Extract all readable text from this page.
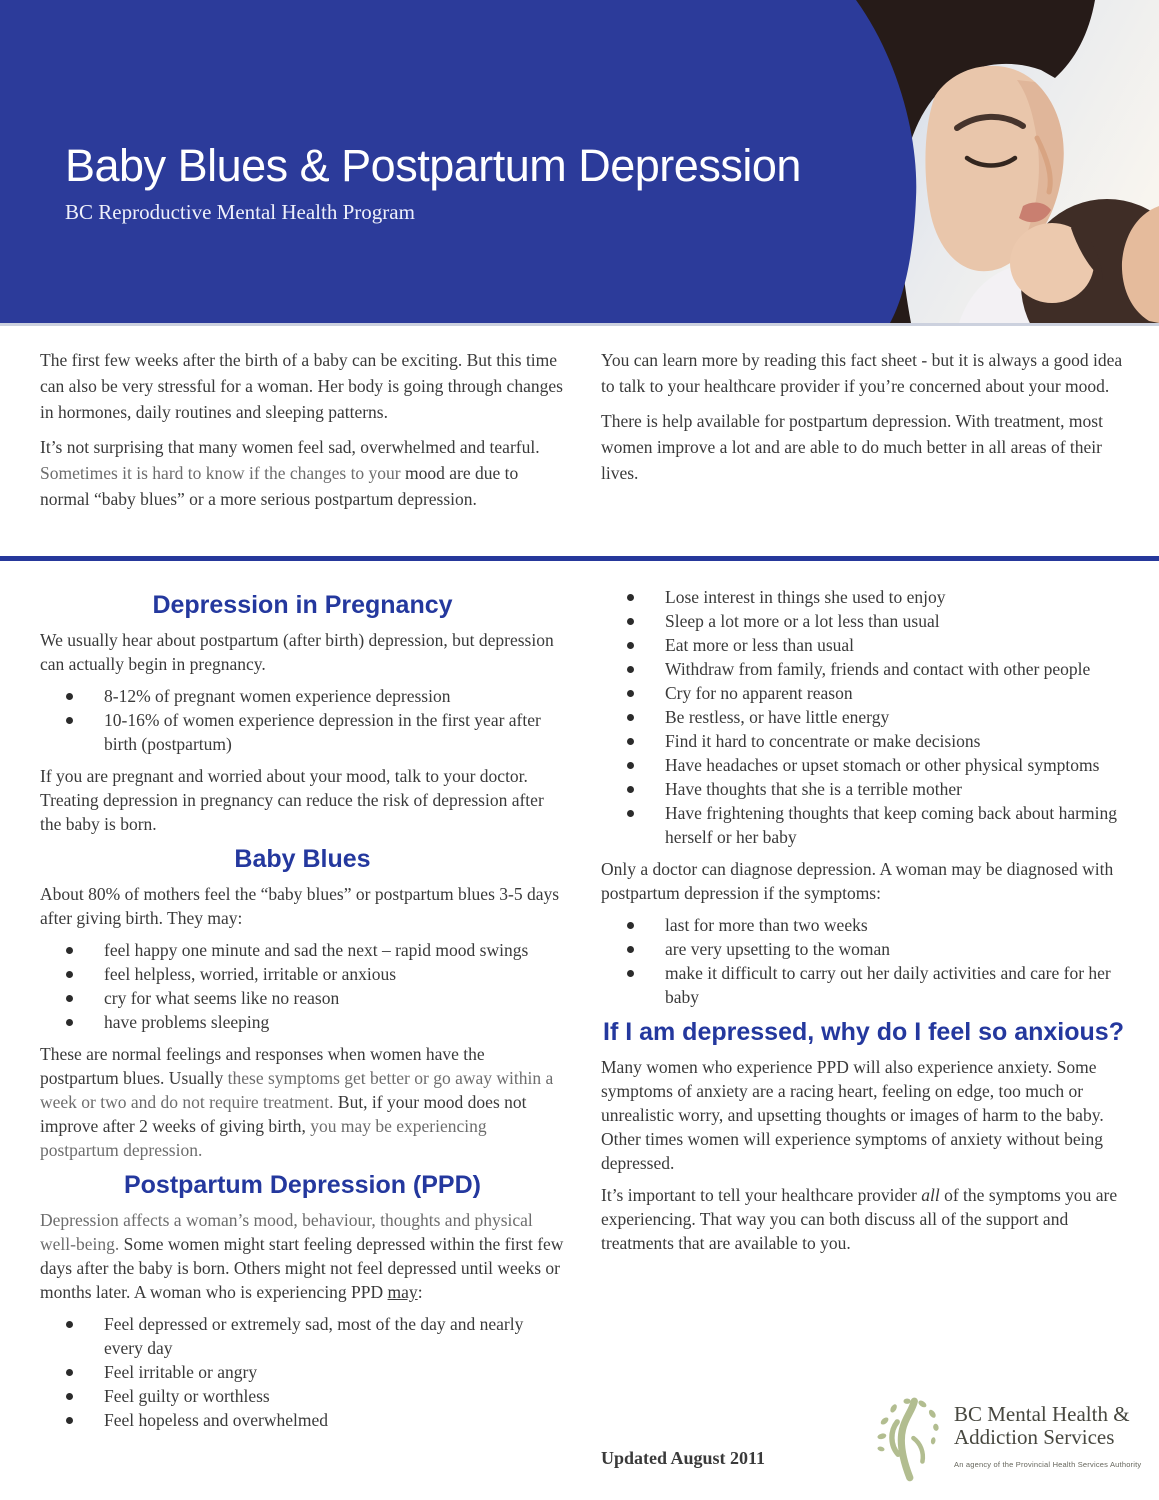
Baby Blues & Postpartum Depression
BC Reproductive Mental Health Program

The first few weeks after the birth of a baby can be exciting. But this time can also be very stressful for a woman. Her body is going through changes in hormones, daily routines and sleeping patterns.

It’s not surprising that many women feel sad, overwhelmed and tearful. Sometimes it is hard to know if the changes to your mood are due to normal “baby blues” or a more serious postpartum depression.

You can learn more by reading this fact sheet - but it is always a good idea to talk to your healthcare provider if you’re concerned about your mood.

There is help available for postpartum depression. With treatment, most women improve a lot and are able to do much better in all areas of their lives.

Depression in Pregnancy

We usually hear about postpartum (after birth) depression, but depression can actually begin in pregnancy.

8-12% of pregnant women experience depression
10-16% of women experience depression in the first year after birth (postpartum)

If you are pregnant and worried about your mood, talk to your doctor. Treating depression in pregnancy can reduce the risk of depression after the baby is born.

Baby Blues

About 80% of mothers feel the “baby blues” or postpartum blues 3-5 days after giving birth. They may:

feel happy one minute and sad the next – rapid mood swings
feel helpless, worried, irritable or anxious
cry for what seems like no reason
have problems sleeping

These are normal feelings and responses when women have the postpartum blues. Usually these symptoms get better or go away within a week or two and do not require treatment. But, if your mood does not improve after 2 weeks of giving birth, you may be experiencing postpartum depression.

Postpartum Depression (PPD)

Depression affects a woman’s mood, behaviour, thoughts and physical well-being. Some women might start feeling depressed within the first few days after the baby is born. Others might not feel depressed until weeks or months later. A woman who is experiencing PPD may:

Feel depressed or extremely sad, most of the day and nearly every day
Feel irritable or angry
Feel guilty or worthless
Feel hopeless and overwhelmed
Lose interest in things she used to enjoy
Sleep a lot more or a lot less than usual
Eat more or less than usual
Withdraw from family, friends and contact with other people
Cry for no apparent reason
Be restless, or have little energy
Find it hard to concentrate or make decisions
Have headaches or upset stomach or other physical symptoms
Have thoughts that she is a terrible mother
Have frightening thoughts that keep coming back about harming herself or her baby

Only a doctor can diagnose depression. A woman may be diagnosed with postpartum depression if the symptoms:

last for more than two weeks
are very upsetting to the woman
make it difficult to carry out her daily activities and care for her baby
If I am depressed, why do I feel so anxious?

Many women who experience PPD will also experience anxiety. Some symptoms of anxiety are a racing heart, feeling on edge, too much or unrealistic worry, and upsetting thoughts or images of harm to the baby. Other times women will experience symptoms of anxiety without being depressed.

It’s important to tell your healthcare provider all of the symptoms you are experiencing. That way you can both discuss all of the support and treatments that are available to you.

Updated August 2011
BC Mental Health &
Addiction Services
An agency of the Provincial Health Services Authority
